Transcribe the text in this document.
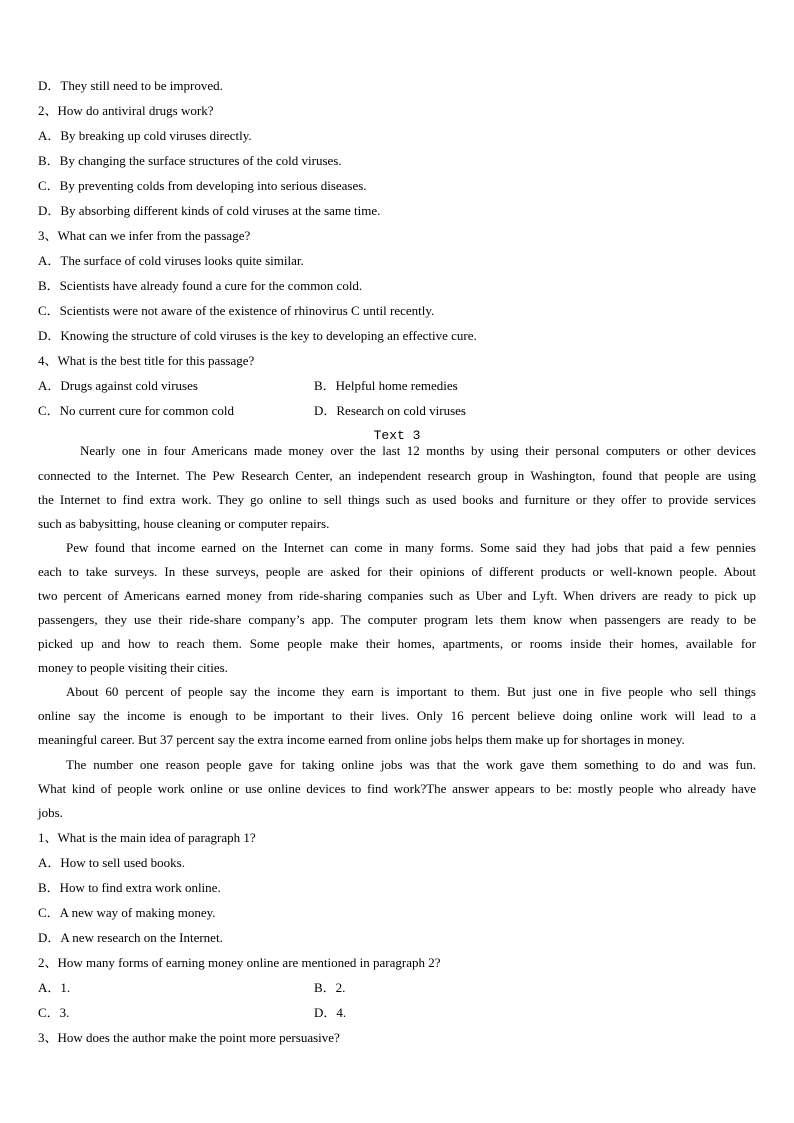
D．They still need to be improved.
2、How do antiviral drugs work?
A．By breaking up cold viruses directly.
B．By changing the surface structures of the cold viruses.
C．By preventing colds from developing into serious diseases.
D．By absorbing different kinds of cold viruses at the same time.
3、What can we infer from the passage?
A．The surface of cold viruses looks quite similar.
B．Scientists have already found a cure for the common cold.
C．Scientists were not aware of the existence of rhinovirus C until recently.
D．Knowing the structure of cold viruses is the key to developing an effective cure.
4、What is the best title for this passage?
A．Drugs against cold viruses	B．Helpful home remedies
C．No current cure for common cold	D．Research on cold viruses
Text 3
Nearly one in four Americans made money over the last 12 months by using their personal computers or other devices
connected to the Internet. The Pew Research Center, an independent research group in Washington, found that people are using
the Internet to find extra work. They go online to sell things such as used books and furniture or they offer to provide services
such as babysitting, house cleaning or computer repairs.
Pew found that income earned on the Internet can come in many forms. Some said they had jobs that paid a few pennies
each to take surveys. In these surveys, people are asked for their opinions of different products or well-known people. About
two percent of Americans earned money from ride-sharing companies such as Uber and Lyft. When drivers are ready to pick up
passengers, they use their ride-share company’s app. The computer program lets them know when passengers are ready to be
picked up and how to reach them. Some people make their homes, apartments, or rooms inside their homes, available for
money to people visiting their cities.
About 60 percent of people say the income they earn is important to them. But just one in five people who sell things
online say the income is enough to be important to their lives. Only 16 percent believe doing online work will lead to a
meaningful career. But 37 percent say the extra income earned from online jobs helps them make up for shortages in money.
The number one reason people gave for taking online jobs was that the work gave them something to do and was fun.
What kind of people work online or use online devices to find work?The answer appears to be: mostly people who already have
jobs.
1、What is the main idea of paragraph 1?
A．How to sell used books.
B．How to find extra work online.
C．A new way of making money.
D．A new research on the Internet.
2、How many forms of earning money online are mentioned in paragraph 2?
A．1.	B．2.
C．3.	D．4.
3、How does the author make the point more persuasive?
